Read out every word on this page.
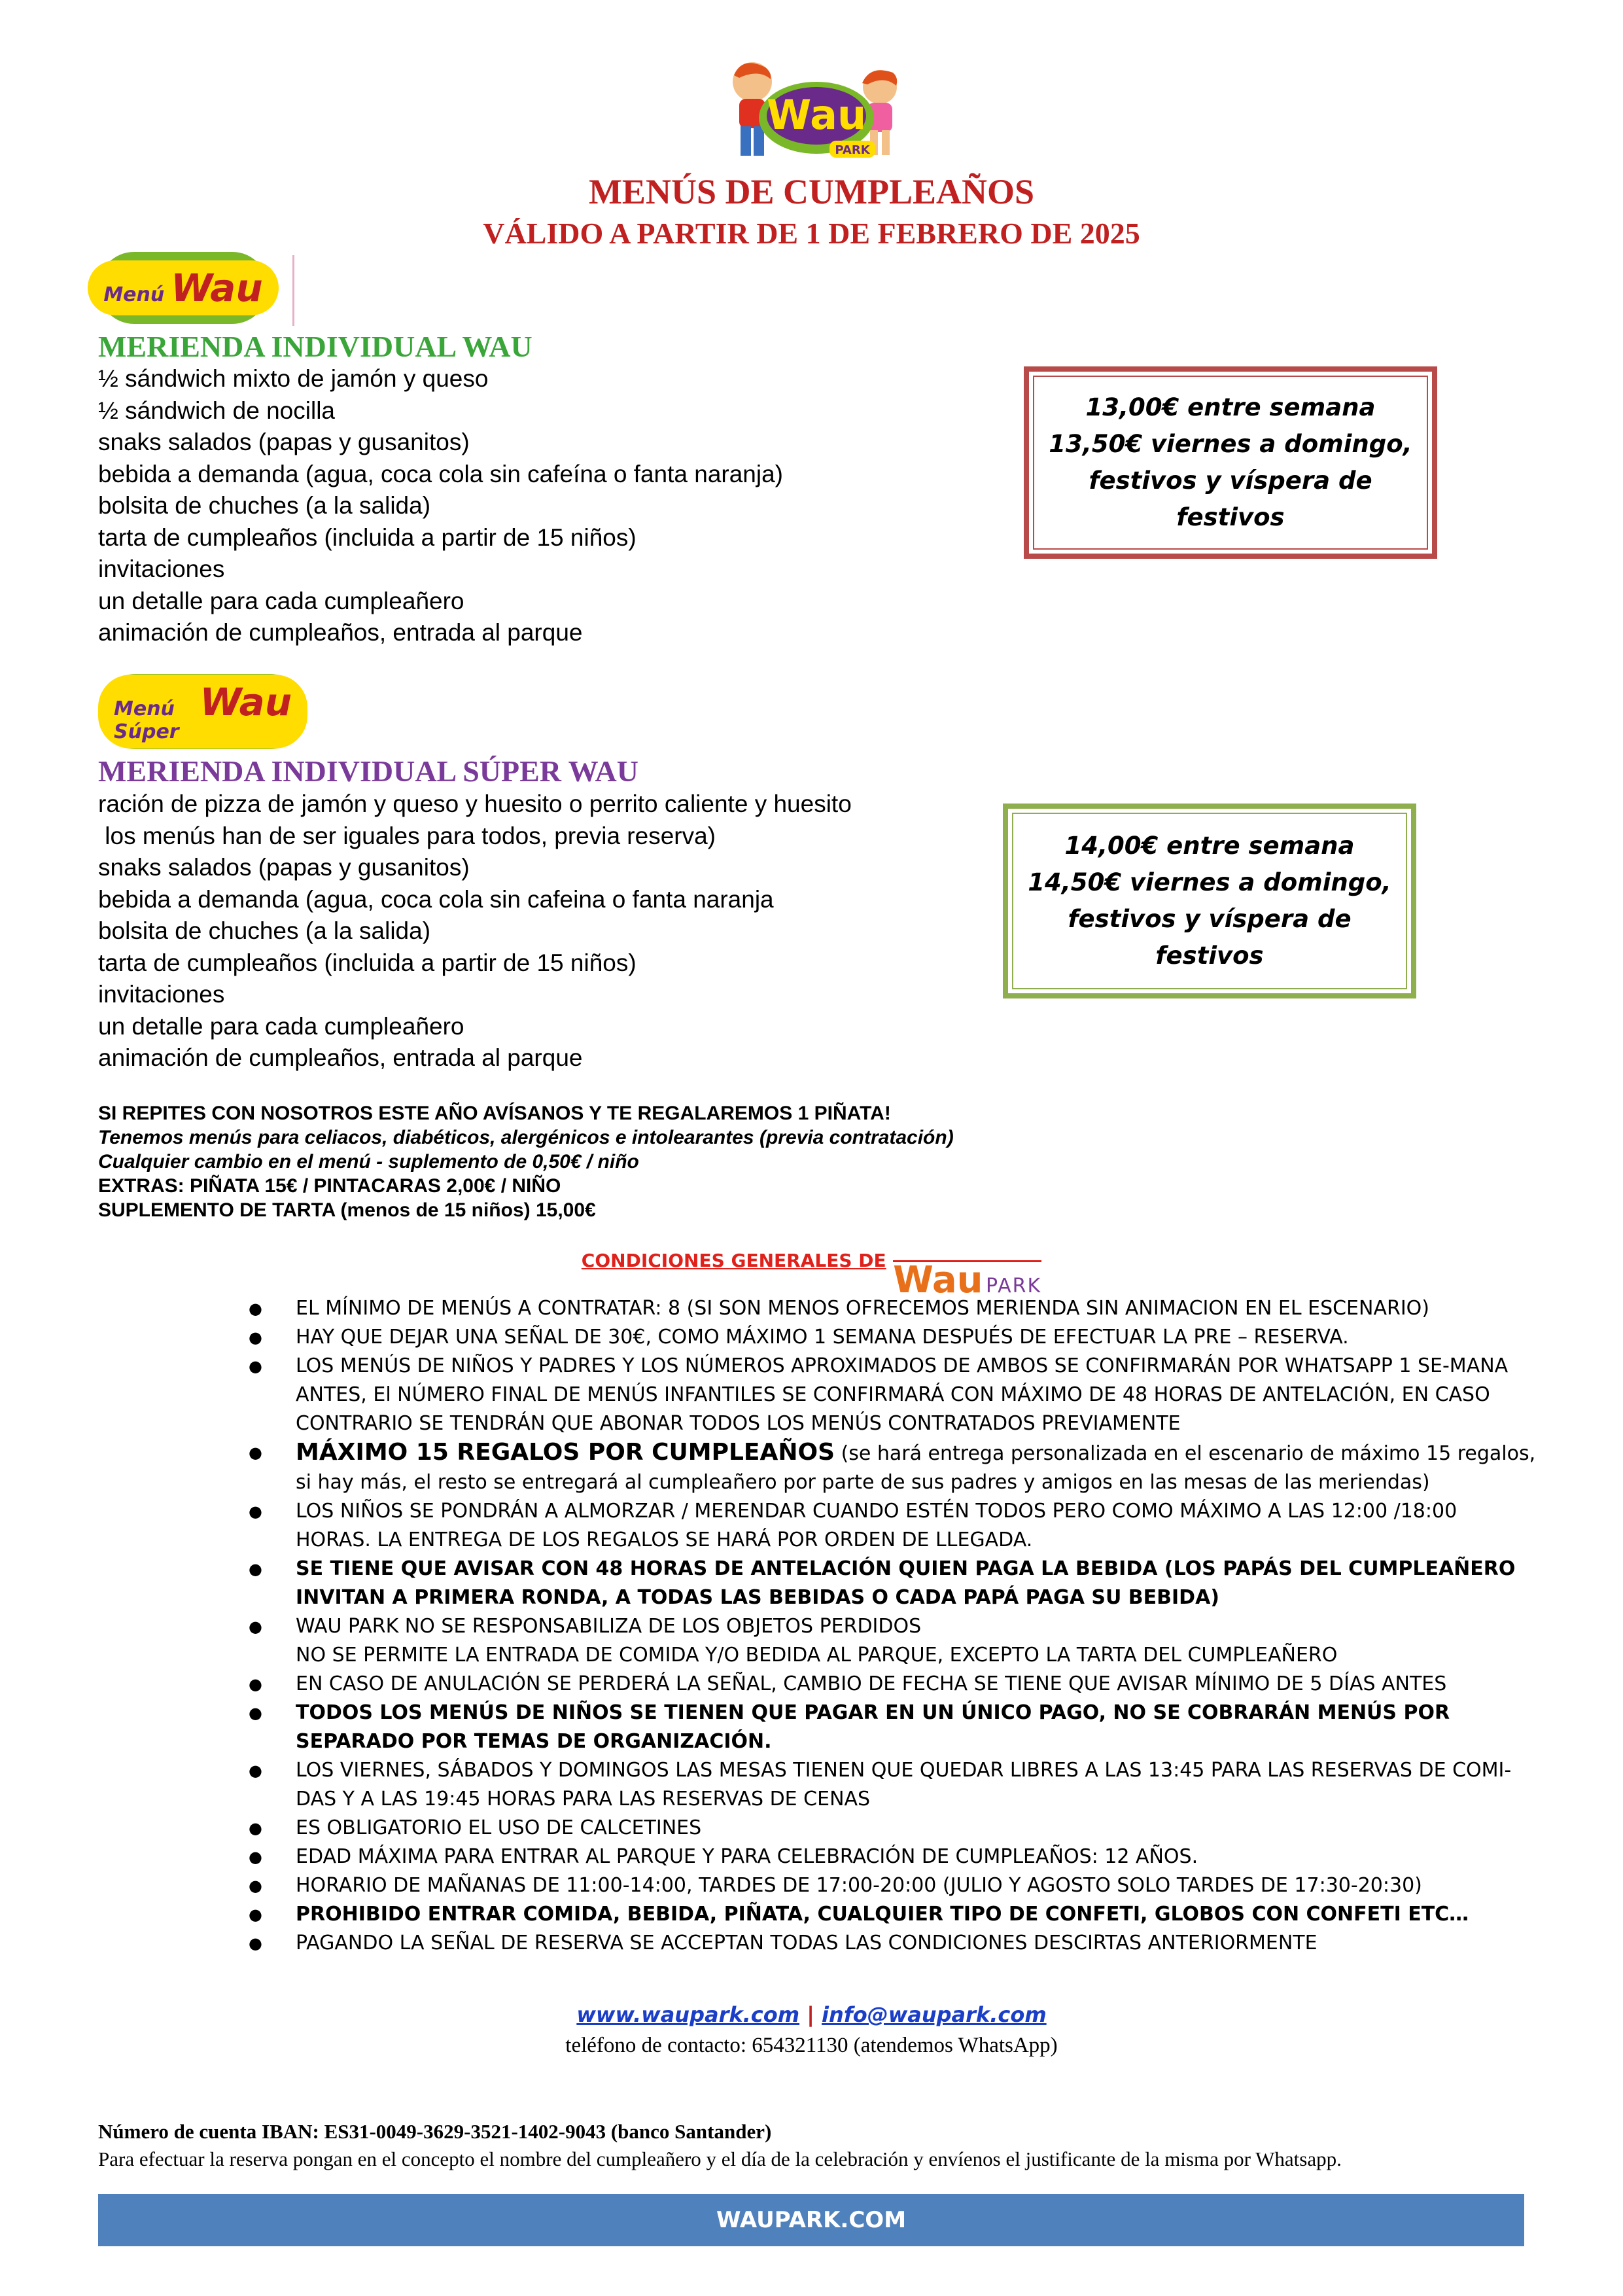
Wau
PARK
MENÚS DE CUMPLEAÑOS
VÁLIDO A PARTIR DE 1 DE FEBRERO DE 2025
Menú Wau
MERIENDA INDIVIDUAL WAU
½ sándwich mixto de jamón y queso
½ sándwich de nocilla
snaks salados (papas y gusanitos)
bebida a demanda (agua, coca cola sin cafeína o fanta naranja)
bolsita de chuches (a la salida)
tarta de cumpleaños (incluida a partir de 15 niños)
invitaciones
un detalle para cada cumpleañero
animación de cumpleaños, entrada al parque
13,00€ entre semana
13,50€ viernes a domingo,
festivos y víspera de
festivos
Menú Súper
Wau
MERIENDA INDIVIDUAL SÚPER WAU
ración de pizza de jamón y queso y huesito o perrito caliente y huesito
los menús han de ser iguales para todos, previa reserva)
snaks salados (papas y gusanitos)
bebida a demanda (agua, coca cola sin cafeina o fanta naranja
bolsita de chuches (a la salida)
tarta de cumpleaños (incluida a partir de 15 niños)
invitaciones
un detalle para cada cumpleañero
animación de cumpleaños, entrada al parque
14,00€ entre semana
14,50€ viernes a domingo,
festivos y víspera de
festivos
SI REPITES CON NOSOTROS ESTE AÑO AVÍSANOS Y TE REGALAREMOS 1 PIÑATA!
Tenemos menús para celiacos, diabéticos, alergénicos e intolearantes (previa contratación)
Cualquier cambio en el menú - suplemento de 0,50€ / niño
EXTRAS: PIÑATA 15€ / PINTACARAS 2,00€ / NIÑO
SUPLEMENTO DE TARTA (menos de 15 niños) 15,00€
CONDICIONES GENERALES DE Wau PARK
● EL MÍNIMO DE MENÚS A CONTRATAR: 8 (SI SON MENOS OFRECEMOS MERIENDA SIN ANIMACION EN EL ESCENARIO)
● HAY QUE DEJAR UNA SEÑAL DE 30€, COMO MÁXIMO 1 SEMANA DESPUÉS DE EFECTUAR LA PRE – RESERVA.
● LOS MENÚS DE NIÑOS Y PADRES Y LOS NÚMEROS APROXIMADOS DE AMBOS SE CONFIRMARÁN POR WHATSAPP 1 SE-MANA ANTES, El NÚMERO FINAL DE MENÚS INFANTILES SE CONFIRMARÁ CON MÁXIMO DE 48 HORAS DE ANTELACIÓN, EN CASO CONTRARIO SE TENDRÁN QUE ABONAR TODOS LOS MENÚS CONTRATADOS PREVIAMENTE
● MÁXIMO 15 REGALOS POR CUMPLEAÑOS (se hará entrega personalizada en el escenario de máximo 15 regalos, si hay más, el resto se entregará al cumpleañero por parte de sus padres y amigos en las mesas de las meriendas)
● LOS NIÑOS SE PONDRÁN A ALMORZAR / MERENDAR CUANDO ESTÉN TODOS PERO COMO MÁXIMO A LAS 12:00 /18:00 HORAS. LA ENTREGA DE LOS REGALOS SE HARÁ POR ORDEN DE LLEGADA.
● SE TIENE QUE AVISAR CON 48 HORAS DE ANTELACIÓN QUIEN PAGA LA BEBIDA (LOS PAPÁS DEL CUMPLEAÑERO INVITAN A PRIMERA RONDA, A TODAS LAS BEBIDAS O CADA PAPÁ PAGA SU BEBIDA)
● WAU PARK NO SE RESPONSABILIZA DE LOS OBJETOS PERDIDOS
NO SE PERMITE LA ENTRADA DE COMIDA Y/O BEDIDA AL PARQUE, EXCEPTO LA TARTA DEL CUMPLEAÑERO
● EN CASO DE ANULACIÓN SE PERDERÁ LA SEÑAL, CAMBIO DE FECHA SE TIENE QUE AVISAR MÍNIMO DE 5 DÍAS ANTES
● TODOS LOS MENÚS DE NIÑOS SE TIENEN QUE PAGAR EN UN ÚNICO PAGO, NO SE COBRARÁN MENÚS POR SEPARADO POR TEMAS DE ORGANIZACIÓN.
● LOS VIERNES, SÁBADOS Y DOMINGOS LAS MESAS TIENEN QUE QUEDAR LIBRES A LAS 13:45 PARA LAS RESERVAS DE COMI-DAS Y A LAS 19:45 HORAS PARA LAS RESERVAS DE CENAS
● ES OBLIGATORIO EL USO DE CALCETINES
● EDAD MÁXIMA PARA ENTRAR AL PARQUE Y PARA CELEBRACIÓN DE CUMPLEAÑOS: 12 AÑOS.
● HORARIO DE MAÑANAS DE 11:00-14:00, TARDES DE 17:00-20:00 (JULIO Y AGOSTO SOLO TARDES DE 17:30-20:30)
● PROHIBIDO ENTRAR COMIDA, BEBIDA, PIÑATA, CUALQUIER TIPO DE CONFETI, GLOBOS CON CONFETI ETC…
● PAGANDO LA SEÑAL DE RESERVA SE ACCEPTAN TODAS LAS CONDICIONES DESCIRTAS ANTERIORMENTE
www.waupark.com | info@waupark.com
teléfono de contacto: 654321130 (atendemos WhatsApp)
Número de cuenta IBAN: ES31-0049-3629-3521-1402-9043 (banco Santander)
Para efectuar la reserva pongan en el concepto el nombre del cumpleañero y el día de la celebración y envíenos el justificante de la misma por Whatsapp.
WAUPARK.COM
